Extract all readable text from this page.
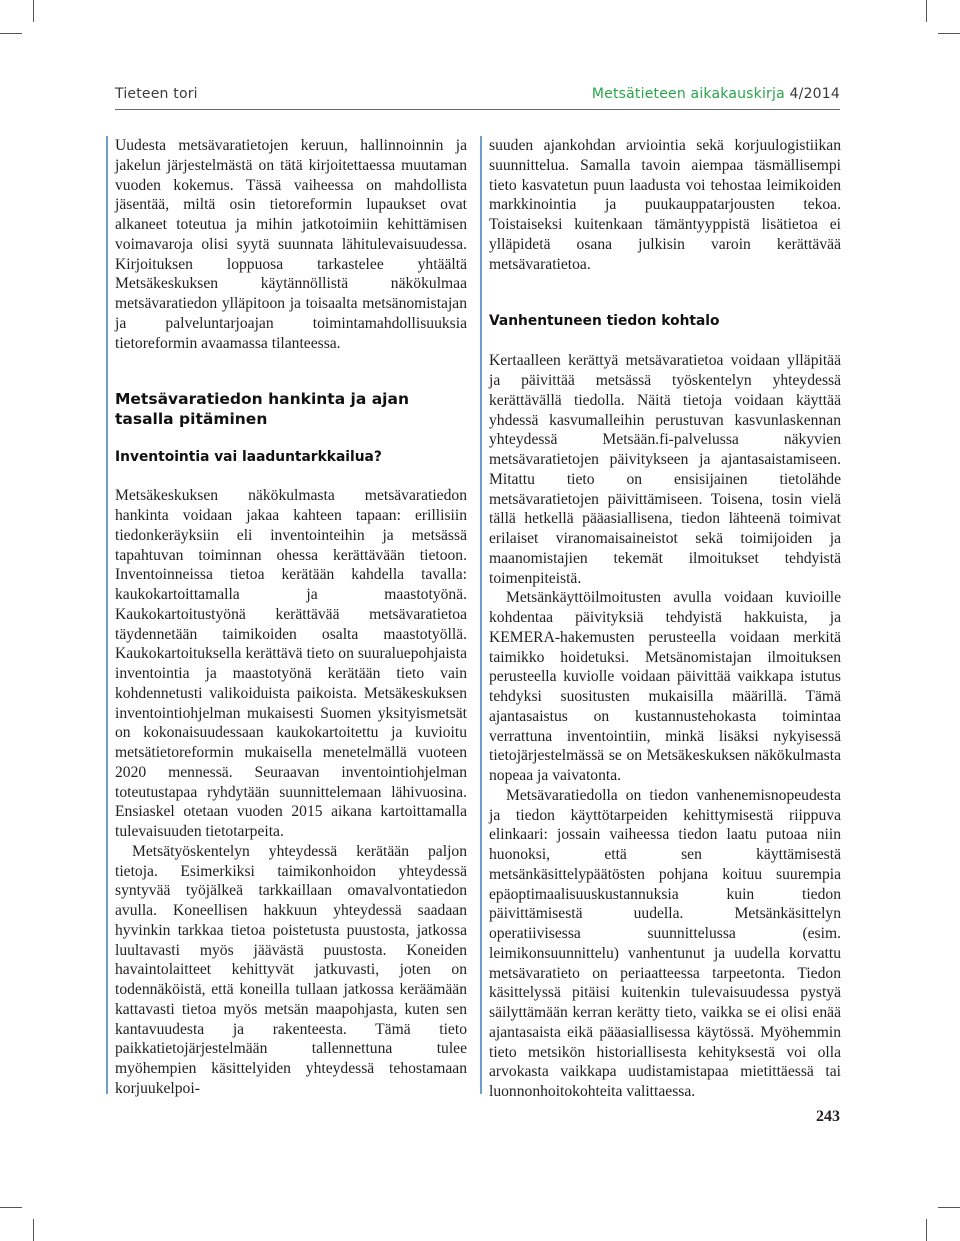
Tieteen tori	Metsätieteen aikakauskirja 4/2014

Uudesta metsävaratietojen keruun, hallinnoinnin ja jakelun järjestelmästä on tätä kirjoitettaessa muutaman vuoden kokemus. Tässä vaiheessa on mahdollista jäsentää, miltä osin tietoreformin lupaukset ovat alkaneet toteutua ja mihin jatkotoimiin kehittämisen voimavaroja olisi syytä suunnata lähitulevaisuudessa. Kirjoituksen loppuosa tarkastelee yhtäältä Metsäkeskuksen käytännöllistä näkökulmaa metsävaratiedon ylläpitoon ja toisaalta metsänomistajan ja palveluntarjoajan toimintamahdollisuuksia tietoreformin avaamassa tilanteessa.

Metsävaratiedon hankinta ja ajan tasalla pitäminen
Inventointia vai laaduntarkkailua?

Metsäkeskuksen näkökulmasta metsävaratiedon hankinta voidaan jakaa kahteen tapaan: erillisiin tiedonkeräyksiin eli inventointeihin ja metsässä tapahtuvan toiminnan ohessa kerättävään tietoon. Inventoinneissa tietoa kerätään kahdella tavalla: kaukokartoittamalla ja maastotyönä. Kaukokartoitustyönä kerättävää metsävaratietoa täydennetään taimikoiden osalta maastotyöllä. Kaukokartoituksella kerättävä tieto on suuraluepohjaista inventointia ja maastotyönä kerätään tieto vain kohdennetusti valikoiduista paikoista. Metsäkeskuksen inventointiohjelman mukaisesti Suomen yksityismetsät on kokonaisuudessaan kaukokartoitettu ja kuvioitu metsätietoreformin mukaisella menetelmällä vuoteen 2020 mennessä. Seuraavan inventointiohjelman toteutustapaa ryhdytään suunnittelemaan lähivuosina. Ensiaskel otetaan vuoden 2015 aikana kartoittamalla tulevaisuuden tietotarpeita.

Metsätyöskentelyn yhteydessä kerätään paljon tietoja. Esimerkiksi taimikonhoidon yhteydessä syntyvää työjälkeä tarkkaillaan omavalvontatiedon avulla. Koneellisen hakkuun yhteydessä saadaan hyvinkin tarkkaa tietoa poistetusta puustosta, jatkossa luultavasti myös jäävästä puustosta. Koneiden havaintolaitteet kehittyvät jatkuvasti, joten on todennäköistä, että koneilla tullaan jatkossa keräämään kattavasti tietoa myös metsän maapohjasta, kuten sen kantavuudesta ja rakenteesta. Tämä tieto paikkatietojärjestelmään tallennettuna tulee myöhempien käsittelyiden yhteydessä tehostamaan korjuukelpoi-

suuden ajankohdan arviointia sekä korjuulogistiikan suunnittelua. Samalla tavoin aiempaa täsmällisempi tieto kasvatetun puun laadusta voi tehostaa leimikoiden markkinointia ja puukauppatarjousten tekoa. Toistaiseksi kuitenkaan tämäntyyppistä lisätietoa ei ylläpidetä osana julkisin varoin kerättävää metsävaratietoa.

Vanhentuneen tiedon kohtalo

Kertaalleen kerättyä metsävaratietoa voidaan ylläpitää ja päivittää metsässä työskentelyn yhteydessä kerättävällä tiedolla. Näitä tietoja voidaan käyttää yhdessä kasvumalleihin perustuvan kasvunlaskennan yhteydessä Metsään.fi-palvelussa näkyvien metsävaratietojen päivitykseen ja ajantasaistamiseen. Mitattu tieto on ensisijainen tietolähde metsävaratietojen päivittämiseen. Toisena, tosin vielä tällä hetkellä pääasiallisena, tiedon lähteenä toimivat erilaiset viranomaisaineistot sekä toimijoiden ja maanomistajien tekemät ilmoitukset tehdyistä toimenpiteistä.

Metsänkäyttöilmoitusten avulla voidaan kuvioille kohdentaa päivityksiä tehdyistä hakkuista, ja KEMERA-hakemusten perusteella voidaan merkitä taimikko hoidetuksi. Metsänomistajan ilmoituksen perusteella kuviolle voidaan päivittää vaikkapa istutus tehdyksi suositusten mukaisilla määrillä. Tämä ajantasaistus on kustannustehokasta toimintaa verrattuna inventointiin, minkä lisäksi nykyisessä tietojärjestelmässä se on Metsäkeskuksen näkökulmasta nopeaa ja vaivatonta.

Metsävaratiedolla on tiedon vanhenemisnopeudesta ja tiedon käyttötarpeiden kehittymisestä riippuva elinkaari: jossain vaiheessa tiedon laatu putoaa niin huonoksi, että sen käyttämisestä metsänkäsittelypäätösten pohjana koituu suurempia epäoptimaalisuuskustannuksia kuin tiedon päivittämisestä uudella. Metsänkäsittelyn operatiivisessa suunnittelussa (esim. leimikonsuunnittelu) vanhentunut ja uudella korvattu metsävaratieto on periaatteessa tarpeetonta. Tiedon käsittelyssä pitäisi kuitenkin tulevaisuudessa pystyä säilyttämään kerran kerätty tieto, vaikka se ei olisi enää ajantasaista eikä pääasiallisessa käytössä. Myöhemmin tieto metsikön historiallisesta kehityksestä voi olla arvokasta vaikkapa uudistamistapaa mietittäessä tai luonnonhoitokohteita valittaessa.

243
